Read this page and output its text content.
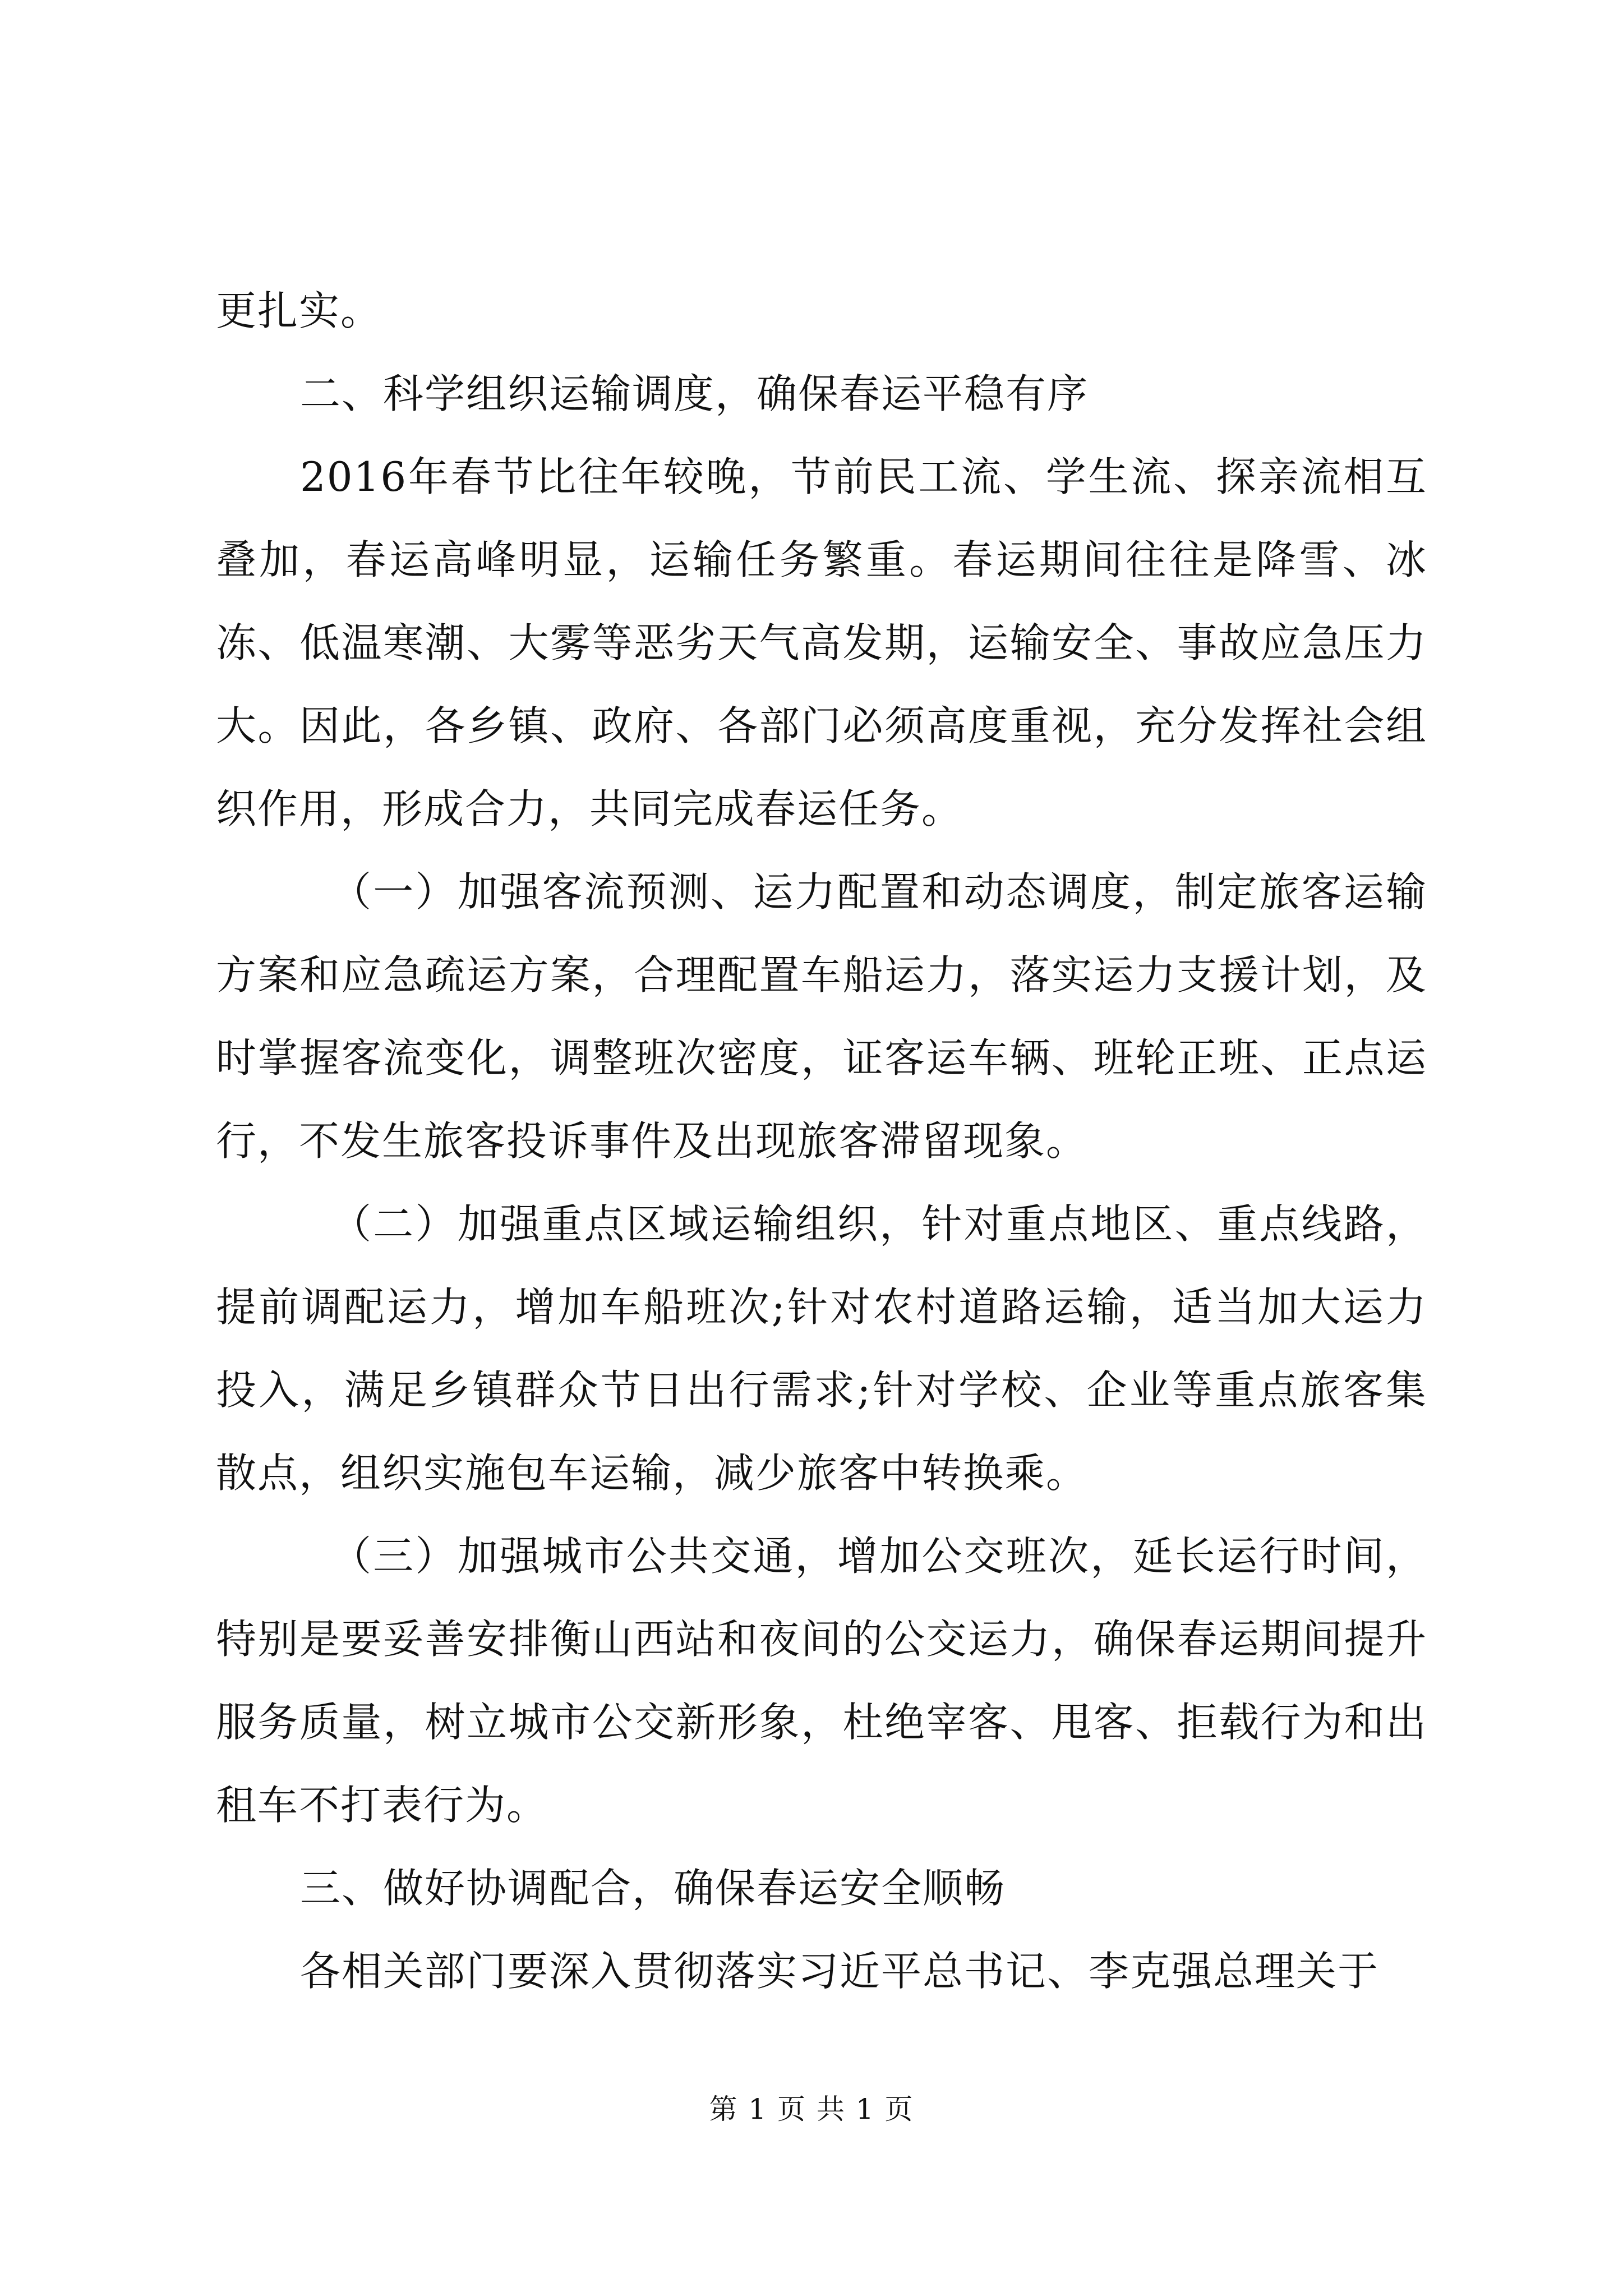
更扎实。

二、科学组织运输调度，确保春运平稳有序

2016年春节比往年较晚，节前民工流、学生流、探亲流相互叠加，春运高峰明显，运输任务繁重。春运期间往往是降雪、冰冻、低温寒潮、大雾等恶劣天气高发期，运输安全、事故应急压力大。因此，各乡镇、政府、各部门必须高度重视，充分发挥社会组织作用，形成合力，共同完成春运任务。

（一）加强客流预测、运力配置和动态调度，制定旅客运输方案和应急疏运方案，合理配置车船运力，落实运力支援计划，及时掌握客流变化，调整班次密度，证客运车辆、班轮正班、正点运行，不发生旅客投诉事件及出现旅客滞留现象。

（二）加强重点区域运输组织，针对重点地区、重点线路，提前调配运力，增加车船班次;针对农村道路运输，适当加大运力投入，满足乡镇群众节日出行需求;针对学校、企业等重点旅客集散点，组织实施包车运输，减少旅客中转换乘。

（三）加强城市公共交通，增加公交班次，延长运行时间，特别是要妥善安排衡山西站和夜间的公交运力，确保春运期间提升服务质量，树立城市公交新形象，杜绝宰客、甩客、拒载行为和出租车不打表行为。

三、做好协调配合，确保春运安全顺畅

各相关部门要深入贯彻落实习近平总书记、李克强总理关于

第 1 页 共 1 页
